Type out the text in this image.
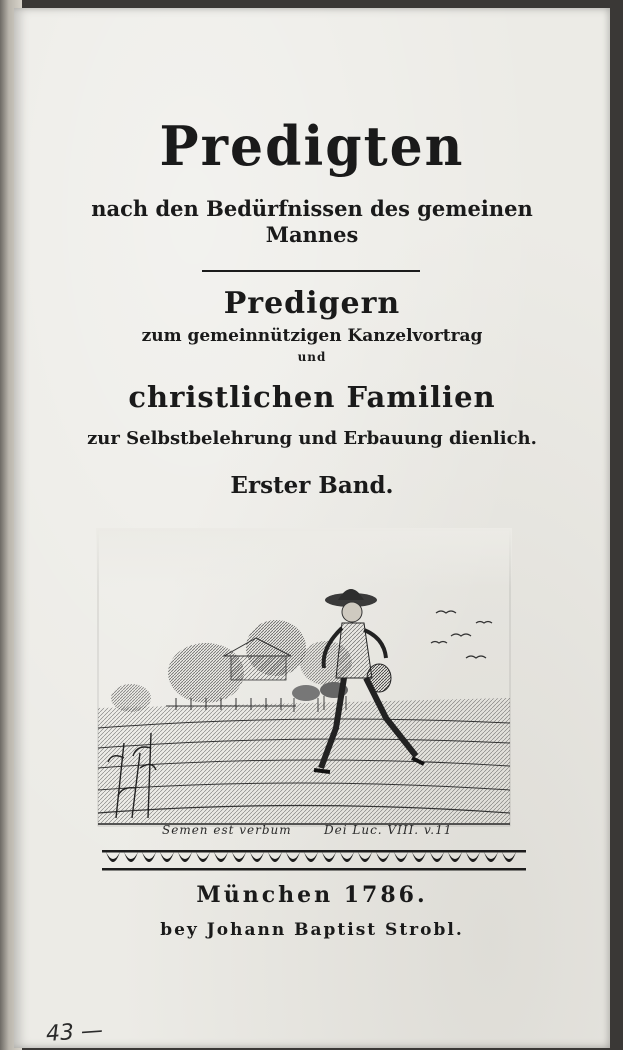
Predigten
nach den Bedürfnissen des gemeinen
Mannes
Predigern
zum gemeinnützigen Kanzelvortrag
und
christlichen Familien
zur Selbstbelehrung und Erbauung dienlich.
Erster Band.
Semen est verbum	Dei Luc. VIII. v.11
München 1786.
bey Johann Baptist Strobl.
43 —
